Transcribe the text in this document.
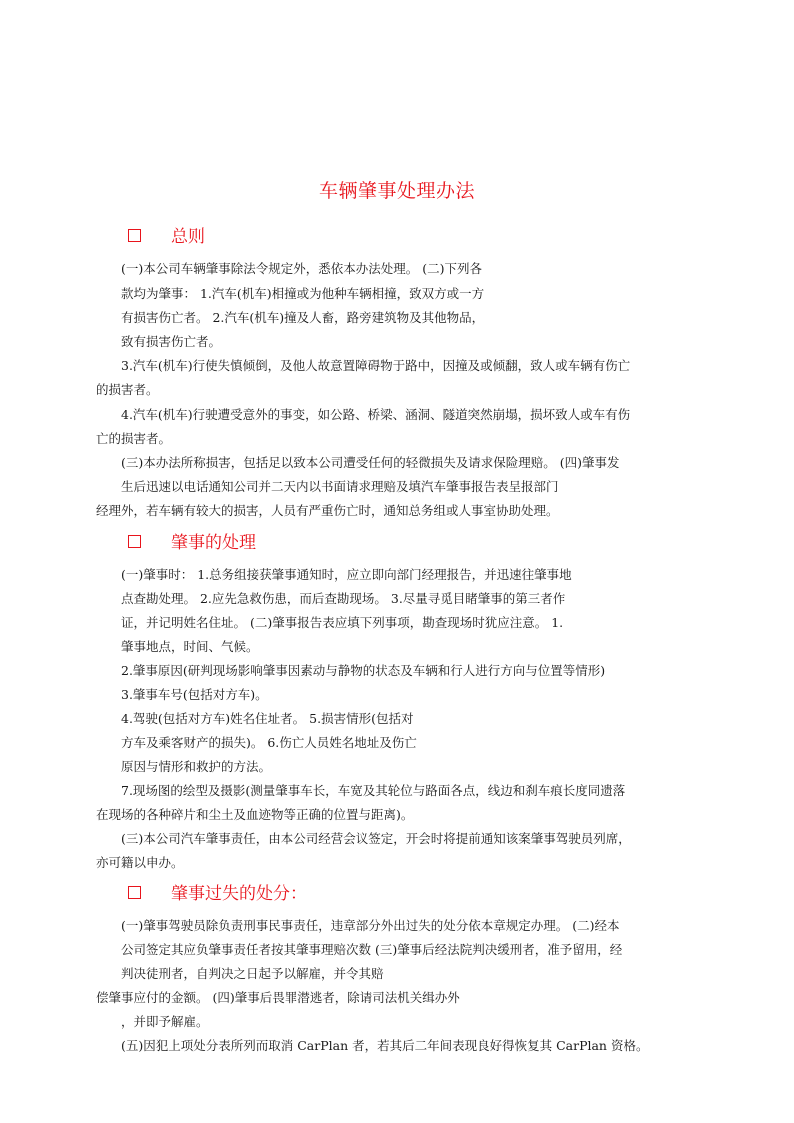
车辆肇事处理办法
总则
(一)本公司车辆肇事除法令规定外，悉依本办法处理。 (二)下列各
款均为肇事： 1.汽车(机车)相撞或为他种车辆相撞，致双方或一方
有损害伤亡者。 2.汽车(机车)撞及人畜，路旁建筑物及其他物品，
致有损害伤亡者。
3.汽车(机车)行使失慎倾倒，及他人故意置障碍物于路中，因撞及或倾翻，致人或车辆有伤亡
的损害者。
4.汽车(机车)行驶遭受意外的事变，如公路、桥梁、涵洞、隧道突然崩塌，损坏致人或车有伤
亡的损害者。
(三)本办法所称损害，包括足以致本公司遭受任何的轻微损失及请求保险理赔。 (四)肇事发
生后迅速以电话通知公司并二天内以书面请求理赔及填汽车肇事报告表呈报部门
经理外，若车辆有较大的损害，人员有严重伤亡时，通知总务组或人事室协助处理。
肇事的处理
(一)肇事时： 1.总务组接获肇事通知时，应立即向部门经理报告，并迅速往肇事地
点查勘处理。 2.应先急救伤患，而后查勘现场。 3.尽量寻觅目睹肇事的第三者作
证，并记明姓名住址。 (二)肇事报告表应填下列事项，勘查现场时犹应注意。 1.
肇事地点，时间、气候。
2.肇事原因(研判现场影响肇事因素动与静物的状态及车辆和行人进行方向与位置等情形)
3.肇事车号(包括对方车)。
4.驾驶(包括对方车)姓名住址者。 5.损害情形(包括对
方车及乘客财产的损失)。 6.伤亡人员姓名地址及伤亡
原因与情形和救护的方法。
7.现场图的绘型及摄影(测量肇事车长，车宽及其轮位与路面各点，线边和刹车痕长度同遗落
在现场的各种碎片和尘土及血迹物等正确的位置与距离)。
(三)本公司汽车肇事责任，由本公司经营会议签定，开会时将提前通知该案肇事驾驶员列席，
亦可籍以申办。
肇事过失的处分：
(一)肇事驾驶员除负责刑事民事责任，违章部分外出过失的处分依本章规定办理。 (二)经本
公司签定其应负肇事责任者按其肇事理赔次数 (三)肇事后经法院判决缓刑者，准予留用，经
判决徒刑者，自判决之日起予以解雇，并令其赔
偿肇事应付的金额。 (四)肇事后畏罪潜逃者，除请司法机关缉办外
，并即予解雇。
(五)因犯上项处分表所列而取消 CarPlan 者，若其后二年间表现良好得恢复其 CarPlan 资格。
